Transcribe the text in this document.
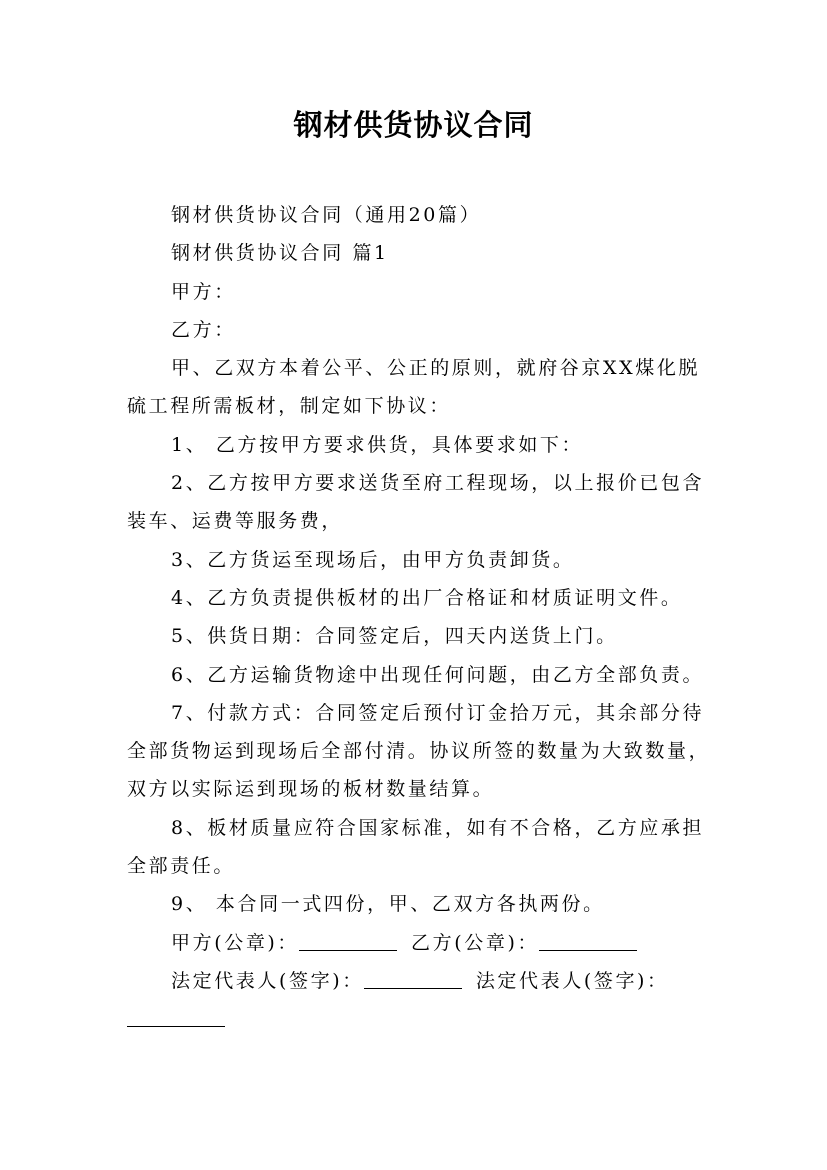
钢材供货协议合同

钢材供货协议合同（通用20篇）

钢材供货协议合同 篇1

甲方：

乙方：

甲、乙双方本着公平、公正的原则，就府谷京XX煤化脱硫工程所需板材，制定如下协议：

1、 乙方按甲方要求供货，具体要求如下：

2、乙方按甲方要求送货至府工程现场，以上报价已包含装车、运费等服务费，

3、乙方货运至现场后，由甲方负责卸货。

4、乙方负责提供板材的出厂合格证和材质证明文件。

5、供货日期：合同签定后，四天内送货上门。

6、乙方运输货物途中出现任何问题，由乙方全部负责。

7、付款方式：合同签定后预付订金拾万元，其余部分待全部货物运到现场后全部付清。协议所签的数量为大致数量，双方以实际运到现场的板材数量结算。

8、板材质量应符合国家标准，如有不合格，乙方应承担全部责任。

9、 本合同一式四份，甲、乙双方各执两份。

甲方(公章)：	乙方(公章)：

法定代表人(签字)：	法定代表人(签字)：
